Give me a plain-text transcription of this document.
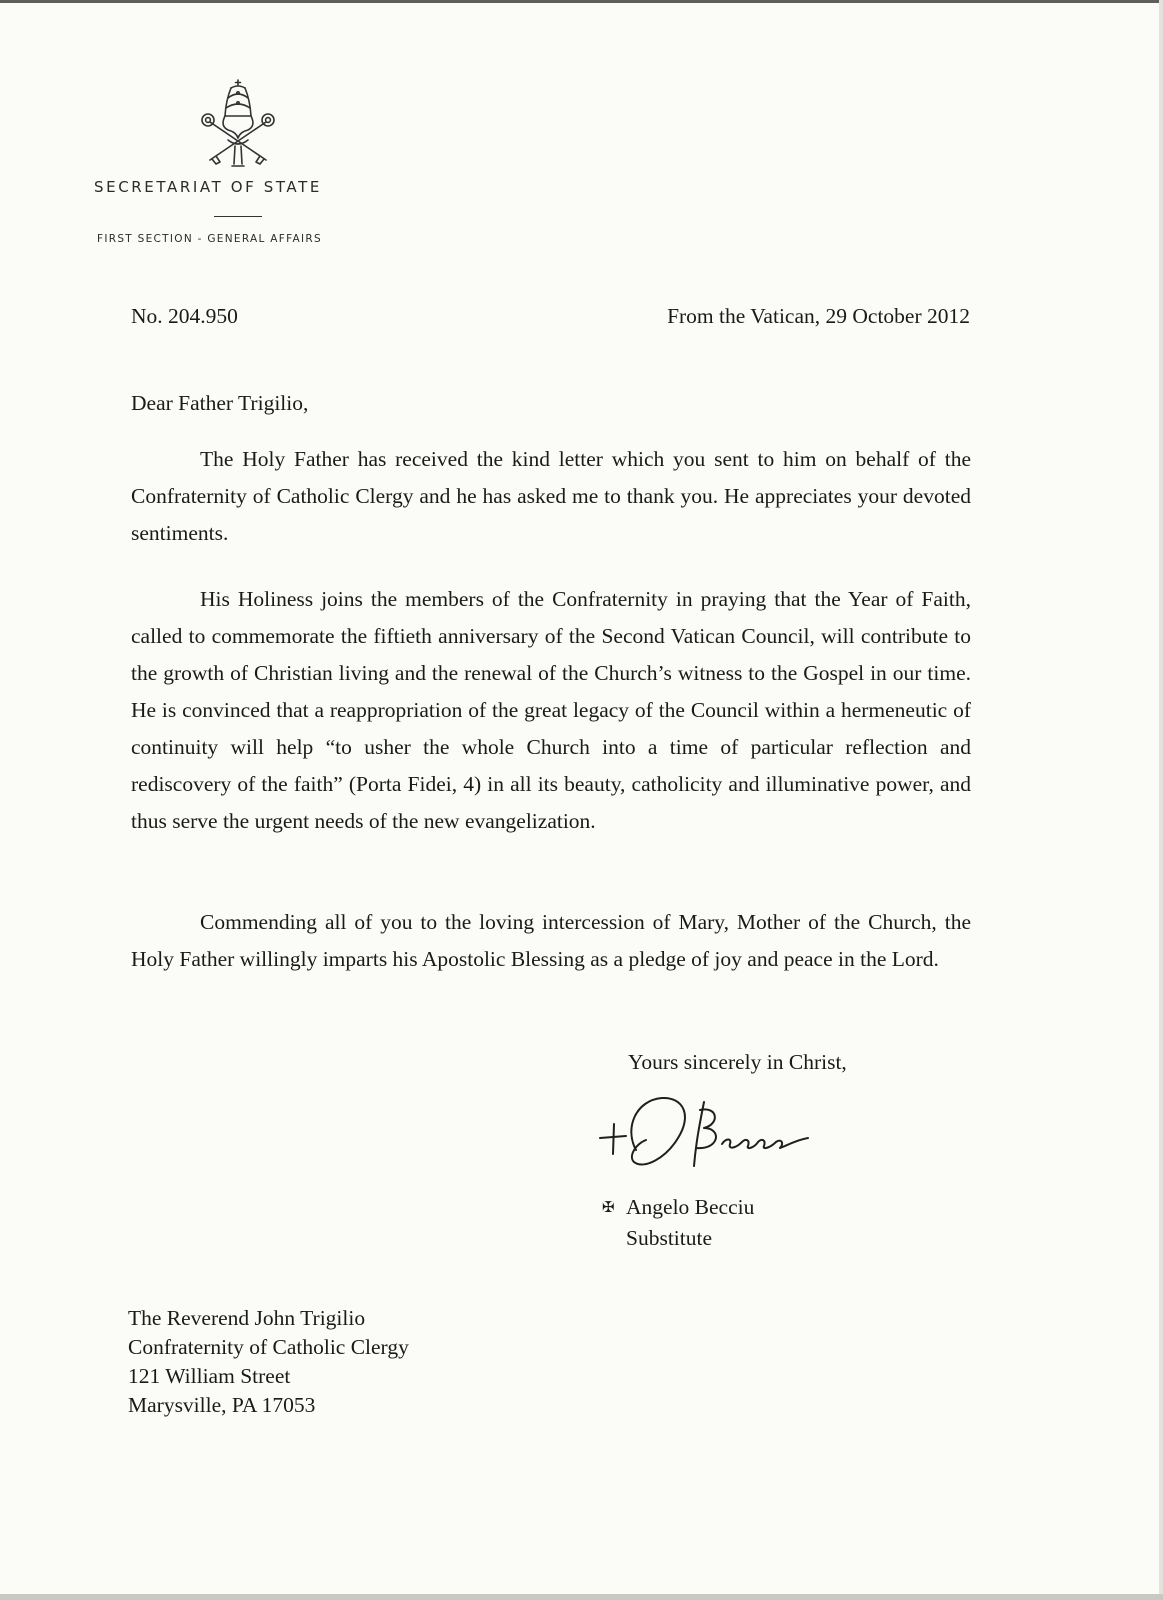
SECRETARIAT OF STATE
FIRST SECTION - GENERAL AFFAIRS
No. 204.950	From the Vatican, 29 October 2012
Dear Father Trigilio,
The Holy Father has received the kind letter which you sent to him on behalf of the Confraternity of Catholic Clergy and he has asked me to thank you. He appreciates your devoted sentiments.
His Holiness joins the members of the Confraternity in praying that the Year of Faith, called to commemorate the fiftieth anniversary of the Second Vatican Council, will contribute to the growth of Christian living and the renewal of the Church’s witness to the Gospel in our time. He is convinced that a reappropriation of the great legacy of the Council within a hermeneutic of continuity will help “to usher the whole Church into a time of particular reflection and rediscovery of the faith” (Porta Fidei, 4) in all its beauty, catholicity and illuminative power, and thus serve the urgent needs of the new evangelization.
Commending all of you to the loving intercession of Mary, Mother of the Church, the Holy Father willingly imparts his Apostolic Blessing as a pledge of joy and peace in the Lord.
Yours sincerely in Christ,
✠ Angelo Becciu
Substitute
The Reverend John Trigilio
Confraternity of Catholic Clergy
121 William Street
Marysville, PA 17053
